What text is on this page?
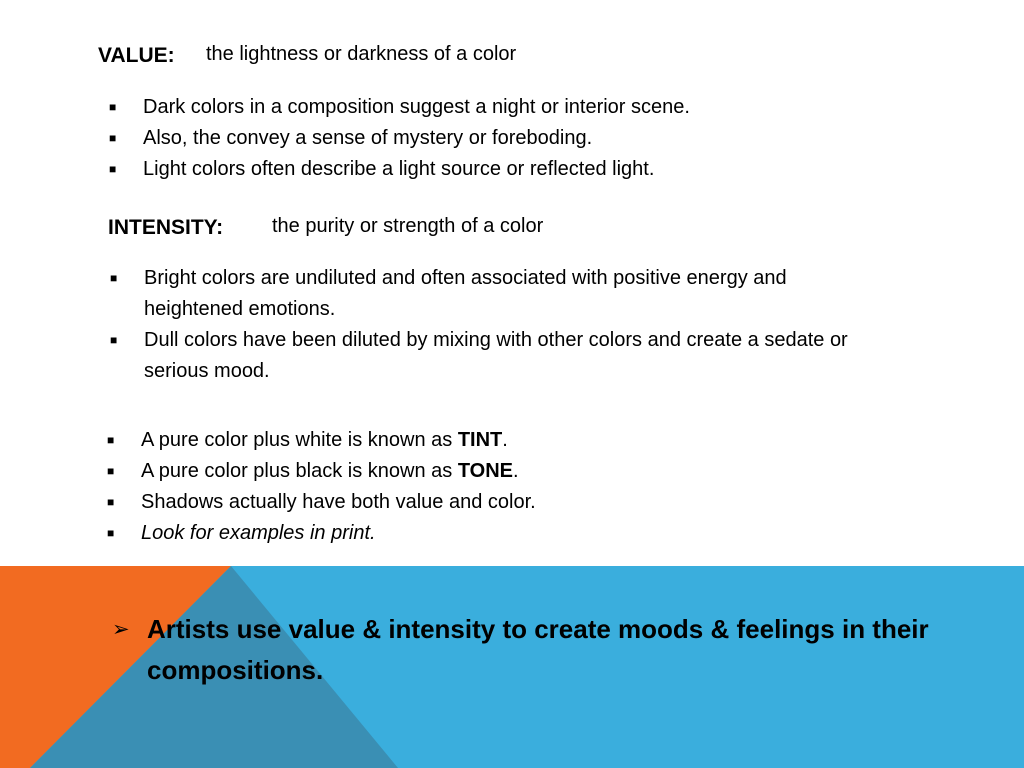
VALUE: the lightness or darkness of a color
■	Dark colors in a composition suggest a night or interior scene.
■	Also, the convey a sense of mystery or foreboding.
■	Light colors often describe a light source or reflected light.
INTENSITY: the purity or strength of a color
■	Bright colors are undiluted and often associated with positive energy and heightened emotions.
■	Dull colors have been diluted by mixing with other colors and create a sedate or serious mood.
■	A pure color plus white is known as TINT.
■	A pure color plus black is known as TONE.
■	Shadows actually have both value and color.
■	Look for examples in print.
➢ Artists use value & intensity to create moods & feelings in their compositions.
